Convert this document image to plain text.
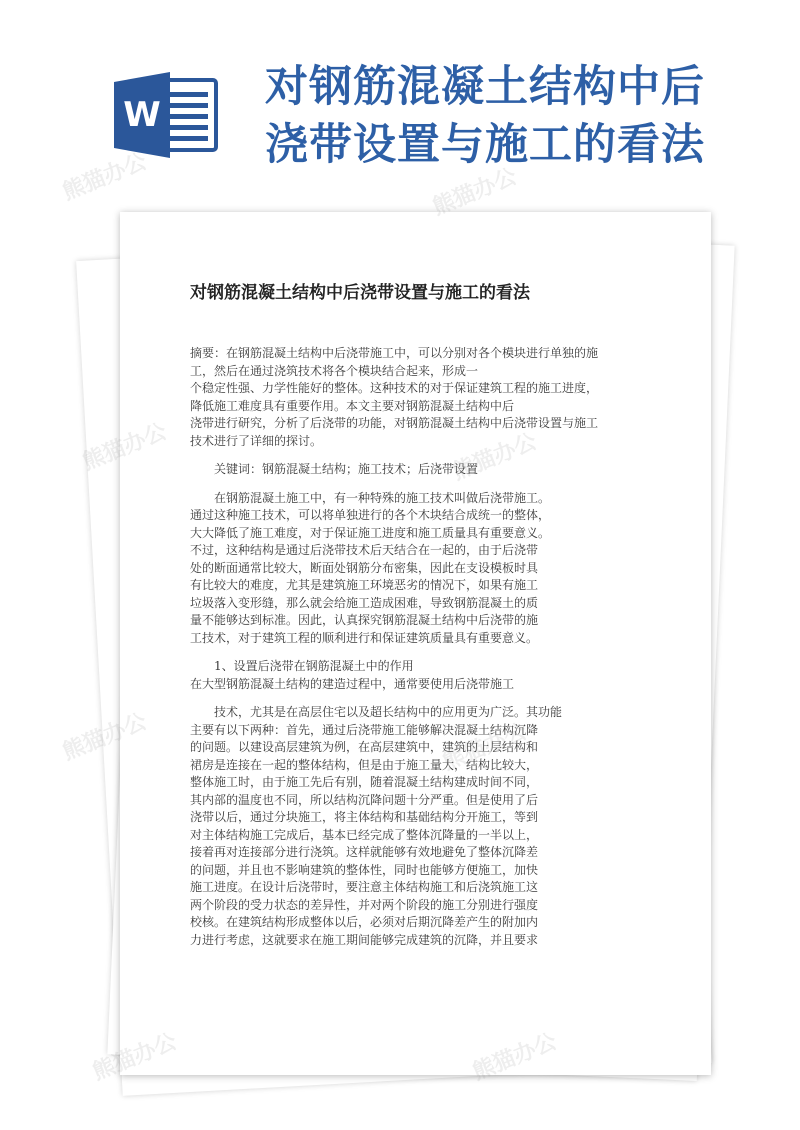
对钢筋混凝土结构中后
浇带设置与施工的看法
W
对钢筋混凝土结构中后浇带设置与施工的看法

摘要：在钢筋混凝土结构中后浇带施工中，可以分别对各个模块进行单独的施

工，然后在通过浇筑技术将各个模块结合起来，形成一

个稳定性强、力学性能好的整体。这种技术的对于保证建筑工程的施工进度，

降低施工难度具有重要作用。本文主要对钢筋混凝土结构中后

浇带进行研究，分析了后浇带的功能，对钢筋混凝土结构中后浇带设置与施工

技术进行了详细的探讨。

关键词：钢筋混凝土结构；施工技术；后浇带设置

在钢筋混凝土施工中，有一种特殊的施工技术叫做后浇带施工。

通过这种施工技术，可以将单独进行的各个木块结合成统一的整体，

大大降低了施工难度，对于保证施工进度和施工质量具有重要意义。

不过，这种结构是通过后浇带技术后天结合在一起的，由于后浇带

处的断面通常比较大，断面处钢筋分布密集，因此在支设模板时具

有比较大的难度，尤其是建筑施工环境恶劣的情况下，如果有施工

垃圾落入变形缝，那么就会给施工造成困难，导致钢筋混凝土的质

量不能够达到标准。因此，认真探究钢筋混凝土结构中后浇带的施

工技术，对于建筑工程的顺利进行和保证建筑质量具有重要意义。

1、设置后浇带在钢筋混凝土中的作用

在大型钢筋混凝土结构的建造过程中，通常要使用后浇带施工

技术，尤其是在高层住宅以及超长结构中的应用更为广泛。其功能

主要有以下两种：首先，通过后浇带施工能够解决混凝土结构沉降

的问题。以建设高层建筑为例，在高层建筑中，建筑的上层结构和

裙房是连接在一起的整体结构，但是由于施工量大，结构比较大，

整体施工时，由于施工先后有别，随着混凝土结构建成时间不同，

其内部的温度也不同，所以结构沉降问题十分严重。但是使用了后

浇带以后，通过分块施工，将主体结构和基础结构分开施工，等到

对主体结构施工完成后，基本已经完成了整体沉降量的一半以上，

接着再对连接部分进行浇筑。这样就能够有效地避免了整体沉降差

的问题，并且也不影响建筑的整体性，同时也能够方便施工，加快

施工进度。在设计后浇带时，要注意主体结构施工和后浇筑施工这

两个阶段的受力状态的差异性，并对两个阶段的施工分别进行强度

校核。在建筑结构形成整体以后，必须对后期沉降差产生的附加内

力进行考虑，这就要求在施工期间能够完成建筑的沉降，并且要求

熊猫办公	熊猫办公
